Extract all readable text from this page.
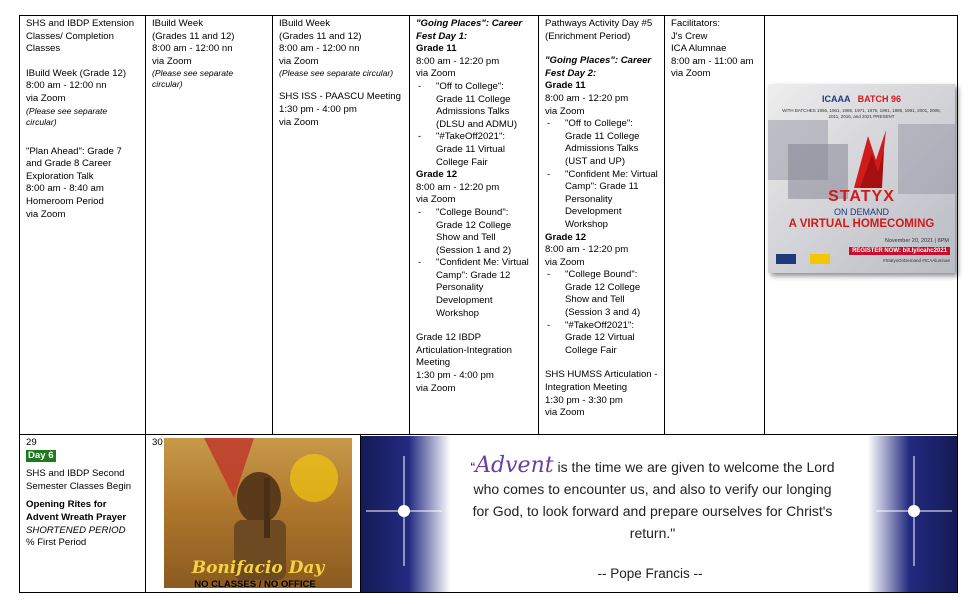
SHS and IBDP Extension Classes/ Completion Classes

IBuild Week (Grade 12)

8:00 am - 12:00 nn

via Zoom

(Please see separate circular)

"Plan Ahead": Grade 7 and Grade 8 Career Exploration Talk

8:00 am - 8:40 am

Homeroom Period

via Zoom

IBuild Week

(Grades 11 and 12)

8:00 am - 12:00 nn

via Zoom

(Please see separate circular)

IBuild Week

(Grades 11 and 12)

8:00 am - 12:00 nn

via Zoom

(Please see separate circular)

SHS ISS - PAASCU Meeting

1:30 pm - 4:00 pm

via Zoom

"Going Places": Career Fest Day 1:

Grade 11

8:00 am - 12:20 pm

via Zoom

- "Off to College": Grade 11 College Admissions Talks (DLSU and ADMU)
- "#TakeOff2021": Grade 11 Virtual College Fair

Grade 12

8:00 am - 12:20 pm

via Zoom

- "College Bound": Grade 12 College Show and Tell (Session 1 and 2)
- "Confident Me: Virtual Camp": Grade 12 Personality Development Workshop

Grade 12 IBDP Articulation-Integration Meeting

1:30 pm - 4:00 pm

via Zoom

Pathways Activity Day #5 (Enrichment Period)

"Going Places": Career Fest Day 2:

Grade 11

8:00 am - 12:20 pm

via Zoom

- "Off to College": Grade 11 College Admissions Talks (UST and UP)
- "Confident Me: Virtual Camp": Grade 11 Personality Development Workshop

Grade 12

8:00 am - 12:20 pm

via Zoom

- "College Bound": Grade 12 College Show and Tell (Session 3 and 4)
- "#TakeOff2021": Grade 12 Virtual College Fair

SHS HUMSS Articulation - Integration Meeting

1:30 pm - 3:30 pm

via Zoom

Facilitators:

J's Crew

ICA Alumnae

8:00 am - 11:00 am

via Zoom

ICAAA BATCH 96
WITH BATCHES 1956, 1961, 1966, 1971, 1976, 1981, 1986, 1991, 2001, 2006, 2011, 2016, and 2021 PRESENT
STATYX
ON DEMAND
A VIRTUAL HOMECOMING
November 20, 2021 | 8PM
REGISTER NOW: bit.ly/icahc2021
#StatyxOnDemand #ICAAlumnae

29

Day 6

SHS and IBDP Second Semester Classes Begin

Opening Rites for Advent Wreath Prayer

SHORTENED PERIOD

% First Period

30

Bonifacio Day
NO CLASSES / NO OFFICE
“Advent is the time we are given to welcome the Lord who comes to encounter us, and also to verify our longing for God, to look forward and prepare ourselves for Christ's return."
-- Pope Francis --
